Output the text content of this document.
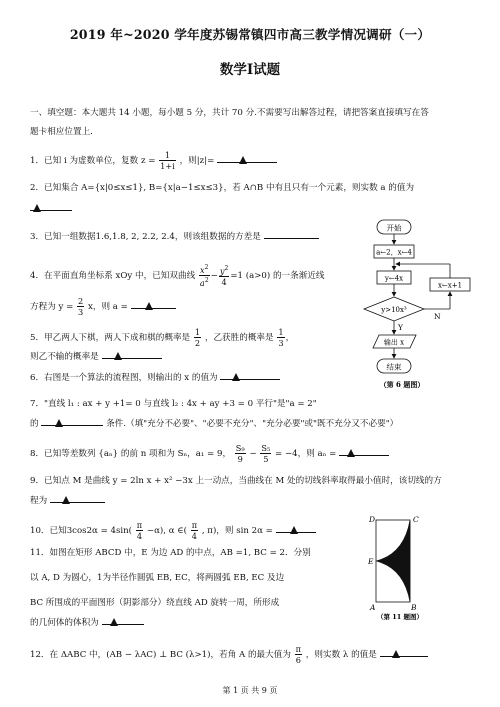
2019 年~2020 学年度苏锡常镇四市高三教学情况调研（一）
数学Ⅰ试题
一、填空题：本大题共 14 小题，每小题 5 分，共计 70 分.不需要写出解答过程，请把答案直接填写在答
题卡相应位置上．
1．已知 i 为虚数单位，复数 $z = \frac{1}{1+i}$ ，则|z|=
2．已知集合 A={x|0≤x≤1}, B={x|a−1≤x≤3}，若 A∩B 中有且只有一个元素，则实数 a 的值为
3．已知一组数据1.6,1.8, 2, 2.2, 2.4，则该组数据的方差是
4．在平面直角坐标系 xOy 中，已知双曲线 $\frac{x^2}{a^2} - \frac{y^2}{4} =1$ (a>0) 的一条渐近线
方程为 $y = \frac{2}{3}$ x，则 a =
5．甲乙两人下棋，两人下成和棋的概率是 $\frac{1}{2}$ ，乙获胜的概率是 $\frac{1}{3}$ ，
则乙不输的概率是
6．右图是一个算法的流程图，则输出的 x 的值为
7．"直线 l₁ : ax + y +1= 0 与直线 l₂ : 4x + ay +3 = 0 平行"是"a = 2"
的	条件.（填"充分不必要"、"必要不充分"、"充分必要"或"既不充分又不必要"）
8．已知等差数列 {aₙ} 的前 n 项和为 Sₙ，a₁ = 9， $\frac{\text{S₉}}{9} - \frac{\text{S₅}}{5} = -4$，则 aₙ =
9．已知点 M 是曲线 y = 2ln x + x² −3x 上一动点，当曲线在 M 处的切线斜率取得最小值时，该切线的方
程为
10．已知$3\cos 2\alpha = 4\sin( \frac{\pi}{4} -\alpha)$, α ∈( $\frac{\pi}{4}$ , π)，则 sin 2α =
11．如图在矩形 ABCD 中，E 为边 AD 的中点，AB =1, BC = 2．分别
以 A, D 为圆心，1为半径作圆弧 EB, EC，将两圆弧 EB, EC 及边
BC 所围成的平面图形（阴影部分）绕直线 AD 旋转一周，所形成
的几何体的体积为
12．在 ΔABC 中，(AB − λAC) ⊥ BC (λ>1)，若角 A 的最大值为 $\frac{\pi}{6}$ ，则实数 λ 的值是
开始
a←2，x←4
y←4x
y>10x³
N
x←x+1
Y
输出 x
结束
（第 6 题图）
D	C
E
A	B
（第 11 题图）
第 1 页 共 9 页
